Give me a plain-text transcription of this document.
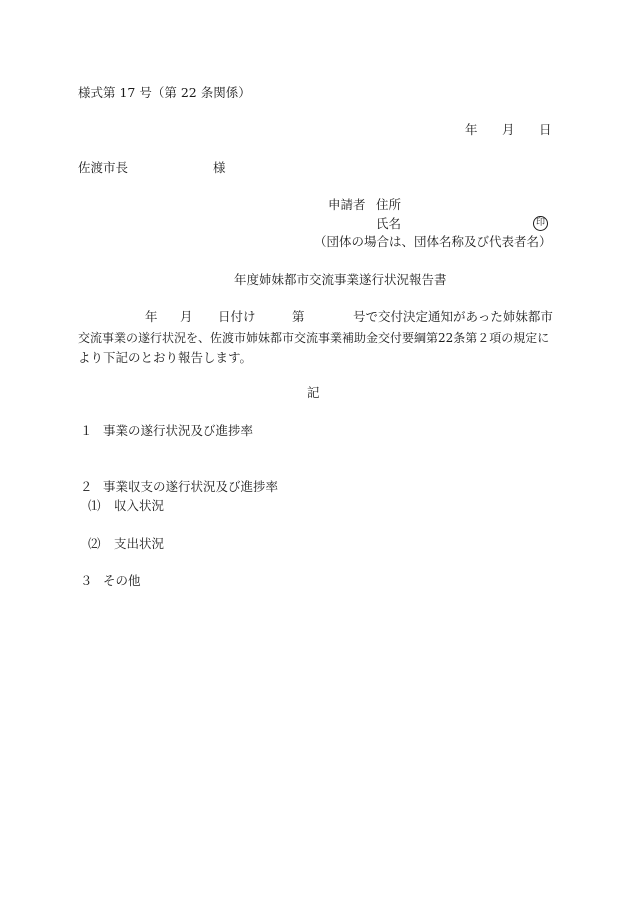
様式第 17 号（第 22 条関係）
年 月 日
佐渡市長	様
申請者 住所
氏名	印
（団体の場合は、団体名称及び代表者名）
年度姉妹都市交流事業遂行状況報告書
年 月 日付け	第	号で交付決定通知があった姉妹都市
交流事業の遂行状況を、佐渡市姉妹都市交流事業補助金交付要綱第22条第２項の規定に
より下記のとおり報告します。
記
１ 事業の遂行状況及び進捗率
２ 事業収支の遂行状況及び進捗率
⑴ 収入状況
⑵ 支出状況
３ その他
